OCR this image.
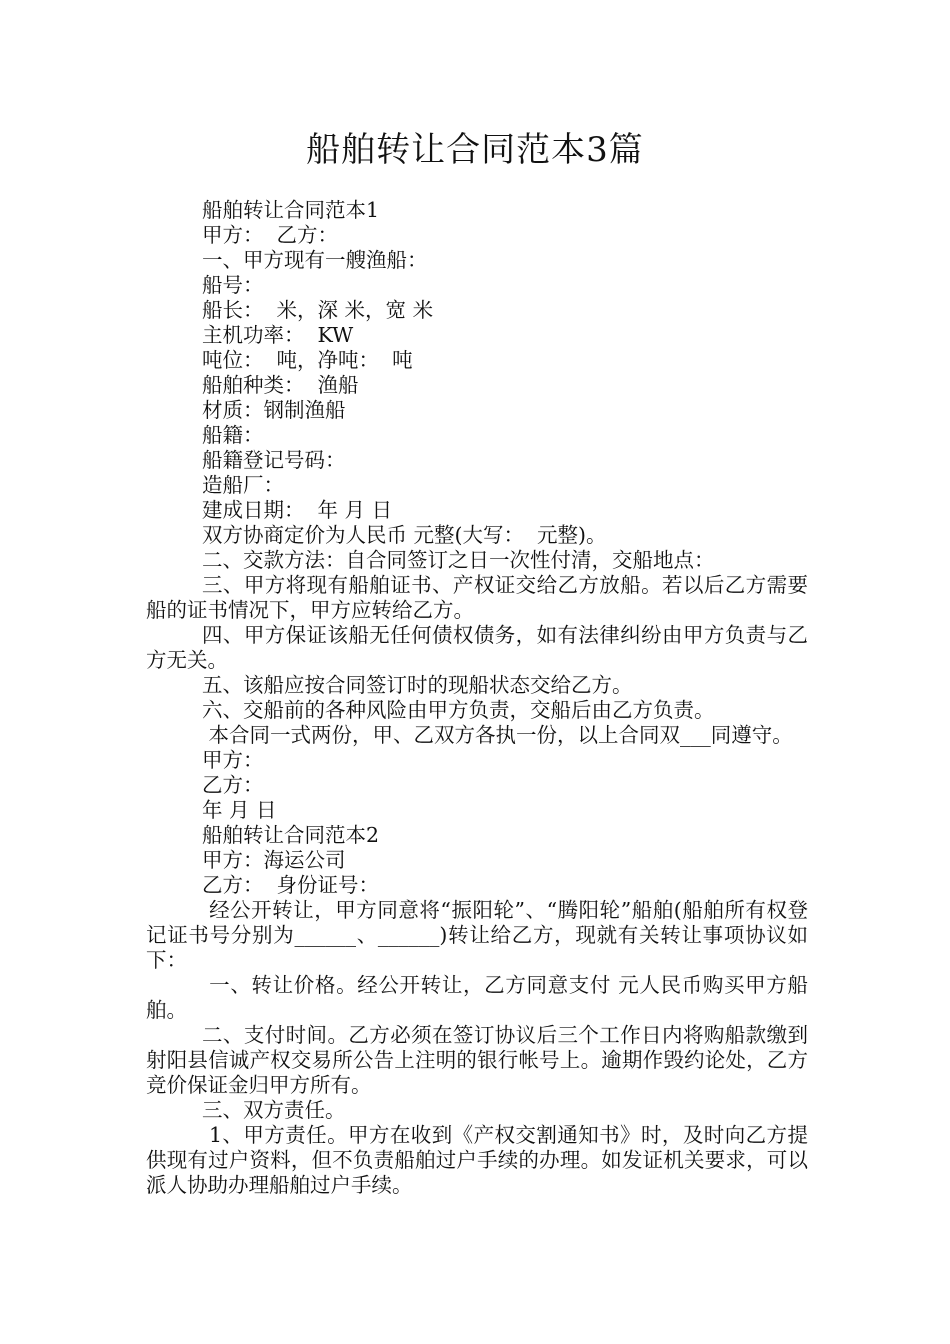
船舶转让合同范本3篇

船舶转让合同范本1

甲方：  乙方：

一、甲方现有一艘渔船：

船号：

船长：  米，深 米，宽 米

主机功率：  KW

吨位：  吨，净吨：  吨

船舶种类：  渔船

材质：钢制渔船

船籍：

船籍登记号码：

造船厂：

建成日期：  年 月 日

双方协商定价为人民币 元整(大写：  元整)。

二、交款方法：自合同签订之日一次性付清，交船地点：

三、甲方将现有船舶证书、产权证交给乙方放船。若以后乙方需要船的证书情况下，甲方应转给乙方。

四、甲方保证该船无任何债权债务，如有法律纠纷由甲方负责与乙方无关。

五、该船应按合同签订时的现船状态交给乙方。

六、交船前的各种风险由甲方负责，交船后由乙方负责。

本合同一式两份，甲、乙双方各执一份，以上合同双___同遵守。

甲方：

乙方：

年 月 日

船舶转让合同范本2

甲方：海运公司

乙方：  身份证号：

经公开转让，甲方同意将“振阳轮”、“腾阳轮”船舶(船舶所有权登记证书号分别为______、______)转让给乙方，现就有关转让事项协议如下：

一、转让价格。经公开转让，乙方同意支付 元人民币购买甲方船舶。

二、支付时间。乙方必须在签订协议后三个工作日内将购船款缴到射阳县信诚产权交易所公告上注明的银行帐号上。逾期作毁约论处，乙方竞价保证金归甲方所有。

三、双方责任。

1、甲方责任。甲方在收到《产权交割通知书》时，及时向乙方提供现有过户资料，但不负责船舶过户手续的办理。如发证机关要求，可以派人协助办理船舶过户手续。
